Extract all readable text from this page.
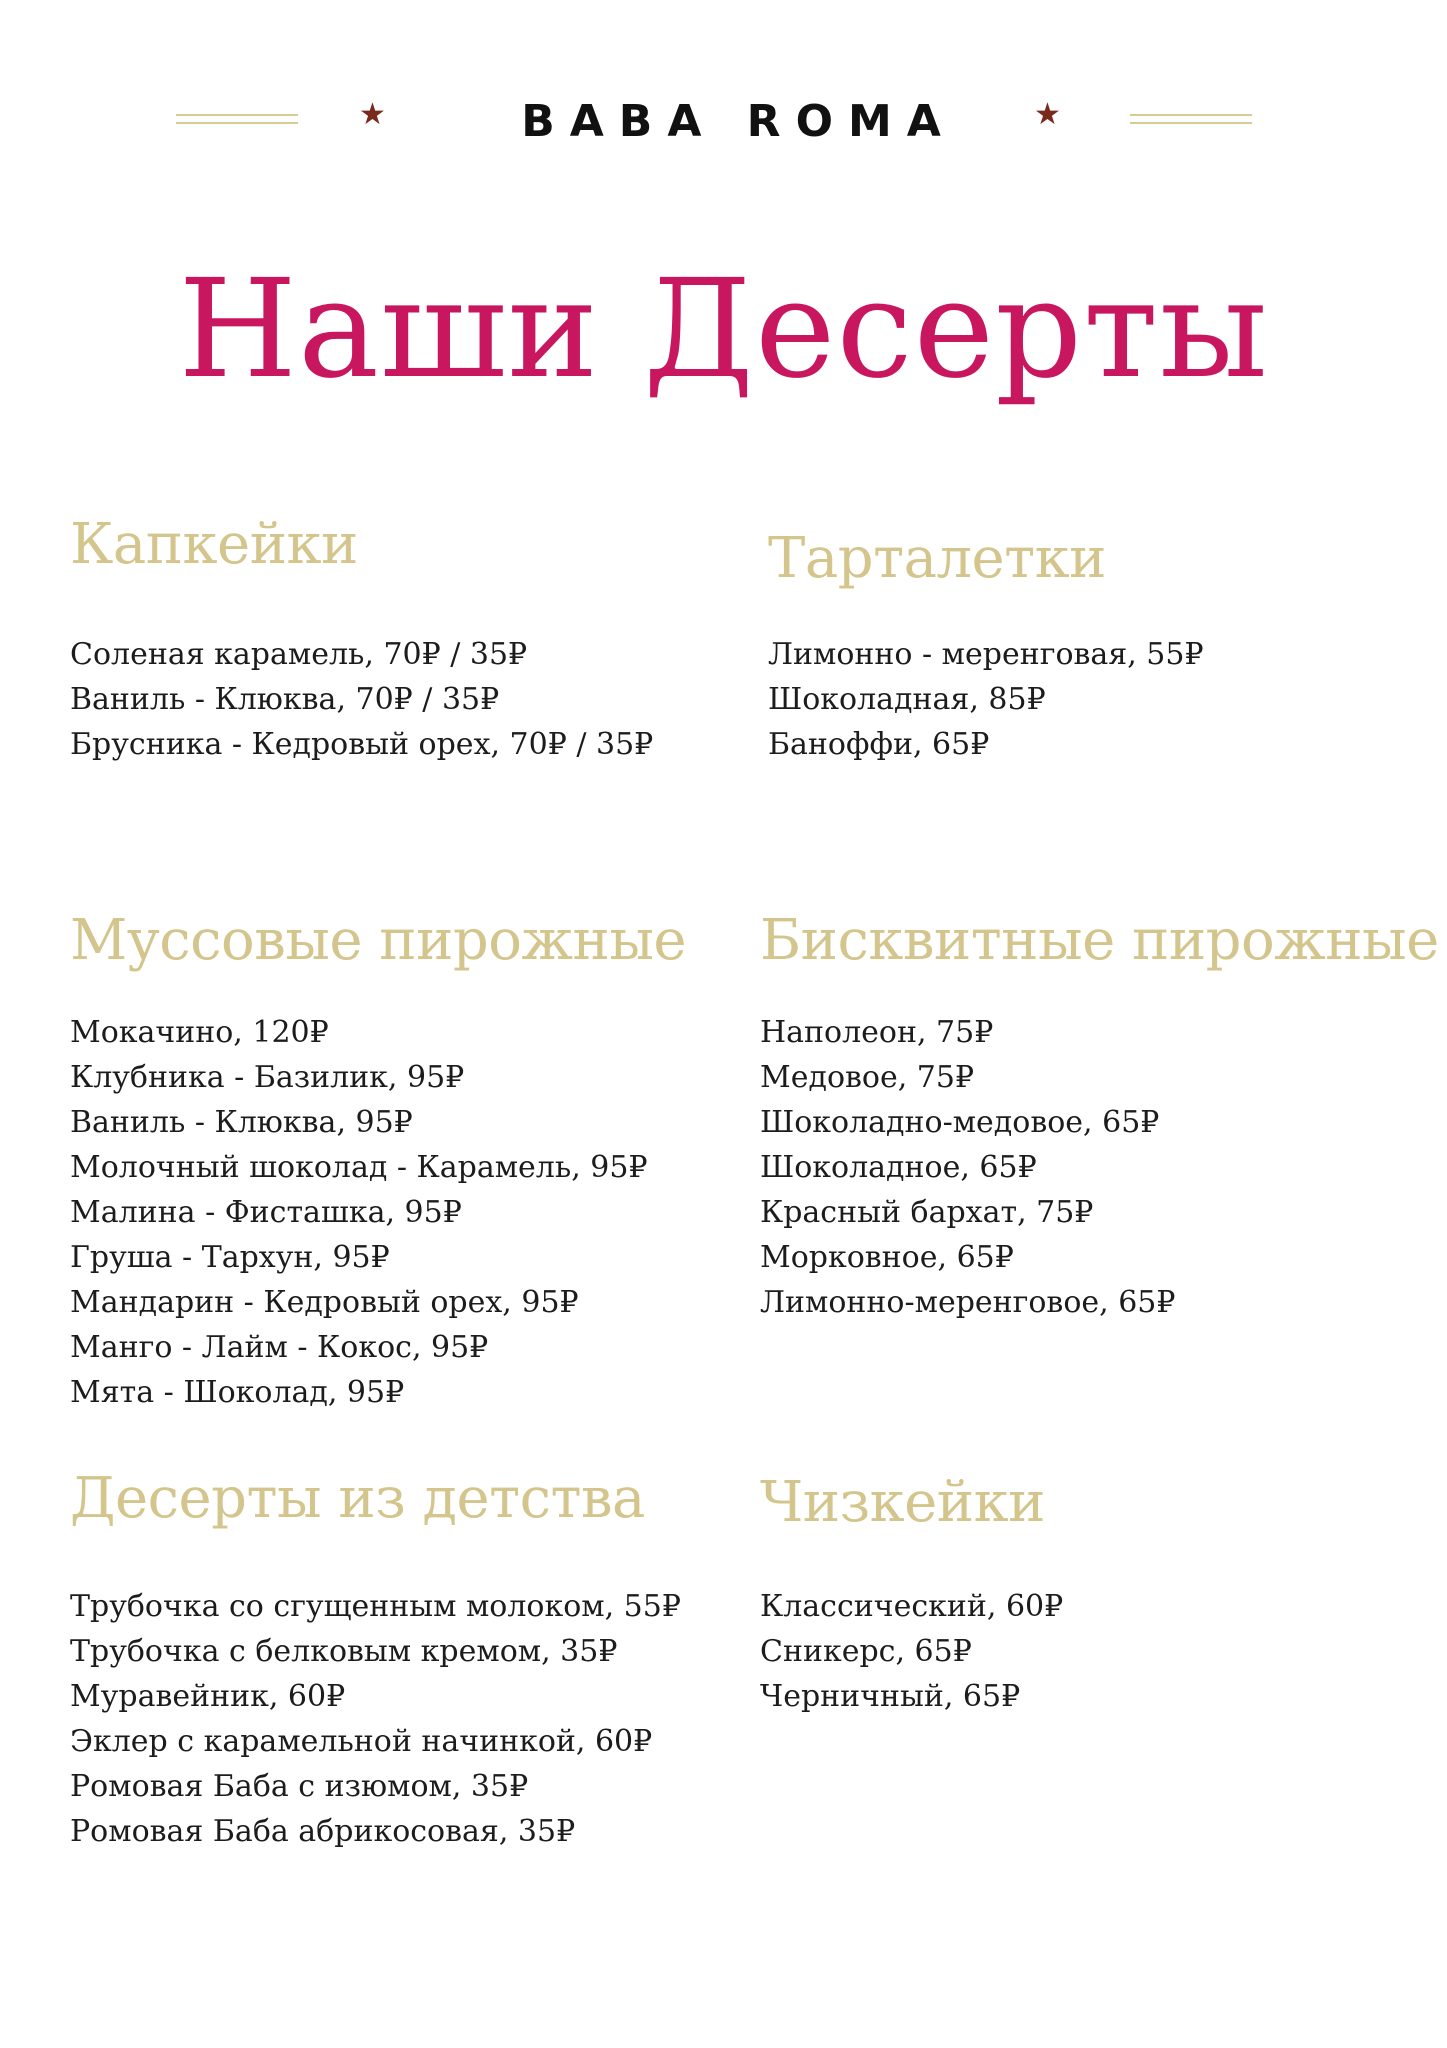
★	BABA ROMA	★
Наши Десерты
Капкейки
Соленая карамель, 70₽ / 35₽
Ваниль - Клюква, 70₽ / 35₽
Брусника - Кедровый орех, 70₽ / 35₽
Тарталетки
Лимонно - меренговая, 55₽
Шоколадная, 85₽
Баноффи, 65₽
Муссовые пирожные
Мокачино, 120₽
Клубника - Базилик, 95₽
Ваниль - Клюква, 95₽
Молочный шоколад - Карамель, 95₽
Малина - Фисташка, 95₽
Груша - Тархун, 95₽
Мандарин - Кедровый орех, 95₽
Манго - Лайм - Кокос, 95₽
Мята - Шоколад, 95₽
Бисквитные пирожные
Наполеон, 75₽
Медовое, 75₽
Шоколадно-медовое, 65₽
Шоколадное, 65₽
Красный бархат, 75₽
Морковное, 65₽
Лимонно-меренговое, 65₽
Десерты из детства
Трубочка со сгущенным молоком, 55₽
Трубочка с белковым кремом, 35₽
Муравейник, 60₽
Эклер с карамельной начинкой, 60₽
Ромовая Баба с изюмом, 35₽
Ромовая Баба абрикосовая, 35₽
Чизкейки
Классический, 60₽
Сникерс, 65₽
Черничный, 65₽
